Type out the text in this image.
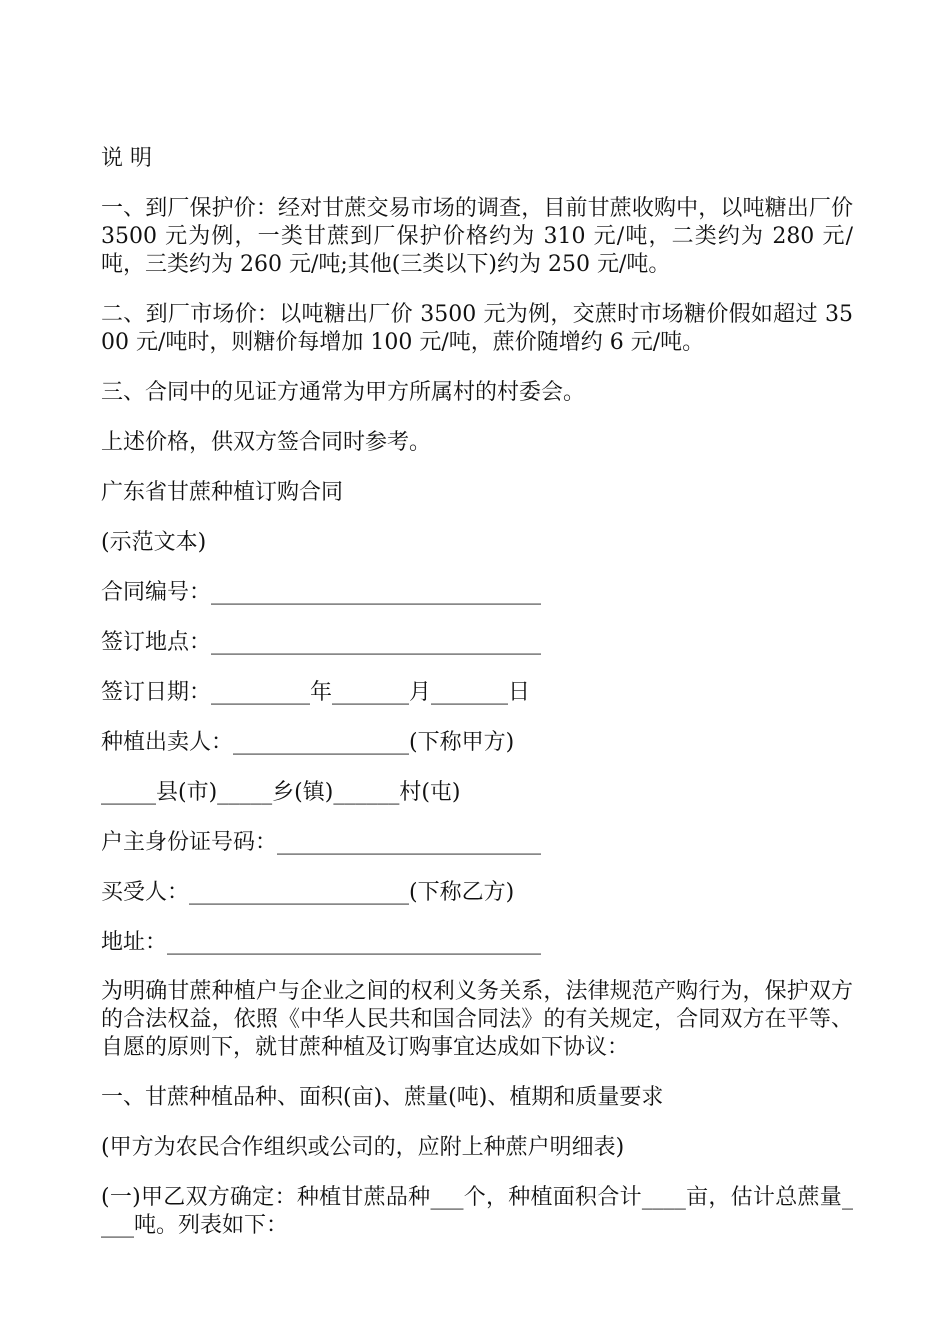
说 明

一、到厂保护价：经对甘蔗交易市场的调查，目前甘蔗收购中，以吨糖出厂价 3500 元为例，一类甘蔗到厂保护价格约为 310 元/吨，二类约为 280 元/吨，三类约为 260 元/吨;其他(三类以下)约为 250 元/吨。

二、到厂市场价：以吨糖出厂价 3500 元为例，交蔗时市场糖价假如超过 3500 元/吨时，则糖价每增加 100 元/吨，蔗价随增约 6 元/吨。

三、合同中的见证方通常为甲方所属村的村委会。

上述价格，供双方签合同时参考。

广东省甘蔗种植订购合同

(示范文本)

合同编号：______________________________

签订地点：______________________________

签订日期：_________年_______月_______日

种植出卖人：________________(下称甲方)

_____县(市)_____乡(镇)______村(屯)

户主身份证号码：________________________

买受人：____________________(下称乙方)

地址：__________________________________

为明确甘蔗种植户与企业之间的权利义务关系，法律规范产购行为，保护双方的合法权益，依照《中华人民共和国合同法》的有关规定，合同双方在平等、自愿的原则下，就甘蔗种植及订购事宜达成如下协议：

一、甘蔗种植品种、面积(亩)、蔗量(吨)、植期和质量要求

(甲方为农民合作组织或公司的，应附上种蔗户明细表)

(一)甲乙双方确定：种植甘蔗品种___个，种植面积合计____亩，估计总蔗量____吨。列表如下：
